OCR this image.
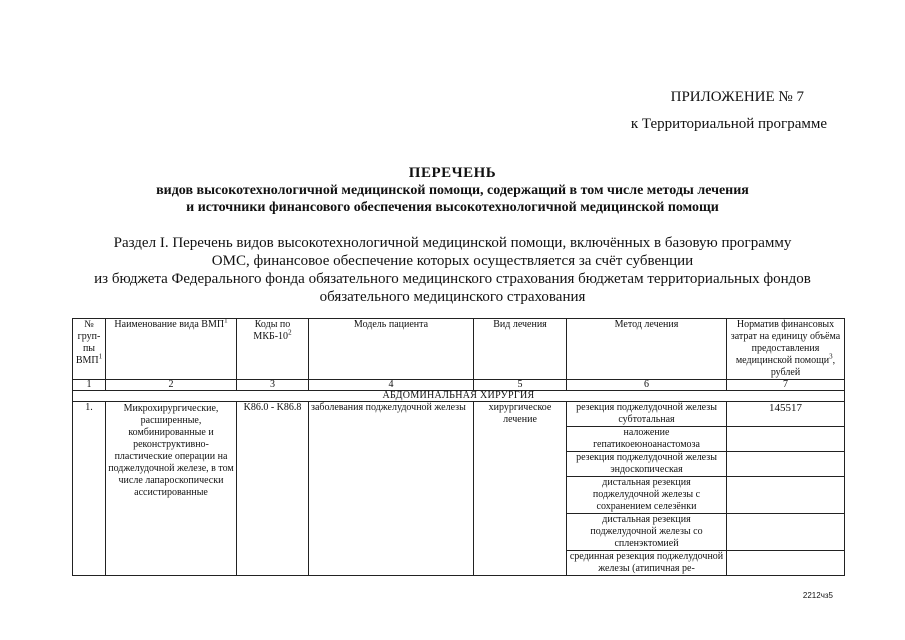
ПРИЛОЖЕНИЕ № 7
к Территориальной программе
ПЕРЕЧЕНЬ
видов высокотехнологичной медицинской помощи, содержащий в том числе методы лечения
и источники финансового обеспечения высокотехнологичной медицинской помощи
Раздел I. Перечень видов высокотехнологичной медицинской помощи, включённых в базовую программу
ОМС, финансовое обеспечение которых осуществляется за счёт субвенции
из бюджета Федерального фонда обязательного медицинского страхования бюджетам территориальных фондов
обязательного медицинского страхования
№ груп-пы ВМП$^1$	Наименование вида ВМП$^1$	Коды по МКБ-$10^2$	Модель пациента	Вид лечения	Метод лечения	Норматив финансовых затрат на единицу объёма предоставления медицинской помощи$^3$, рублей
1	2	3	4	5	6	7
АБДОМИНАЛЬНАЯ ХИРУРГИЯ						
1.	Микрохирургические, расширенные, комбинированные и реконструктивно-пластические операции на поджелудочной железе, в том числе лапароскопически ассистированные	K86.0 - K86.8	заболевания поджелудочной железы	хирургическое лечение	резекция поджелудочной железы субтотальная	145517
					наложение гепатикоеюноанастомоза	
					резекция поджелудочной железы эндоскопическая	
					дистальная резекция поджелудочной железы с сохранением селезёнки	
					дистальная резекция поджелудочной железы со спленэктомией	
					срединная резекция поджелудочной железы (атипичная ре-	
2212чз5
